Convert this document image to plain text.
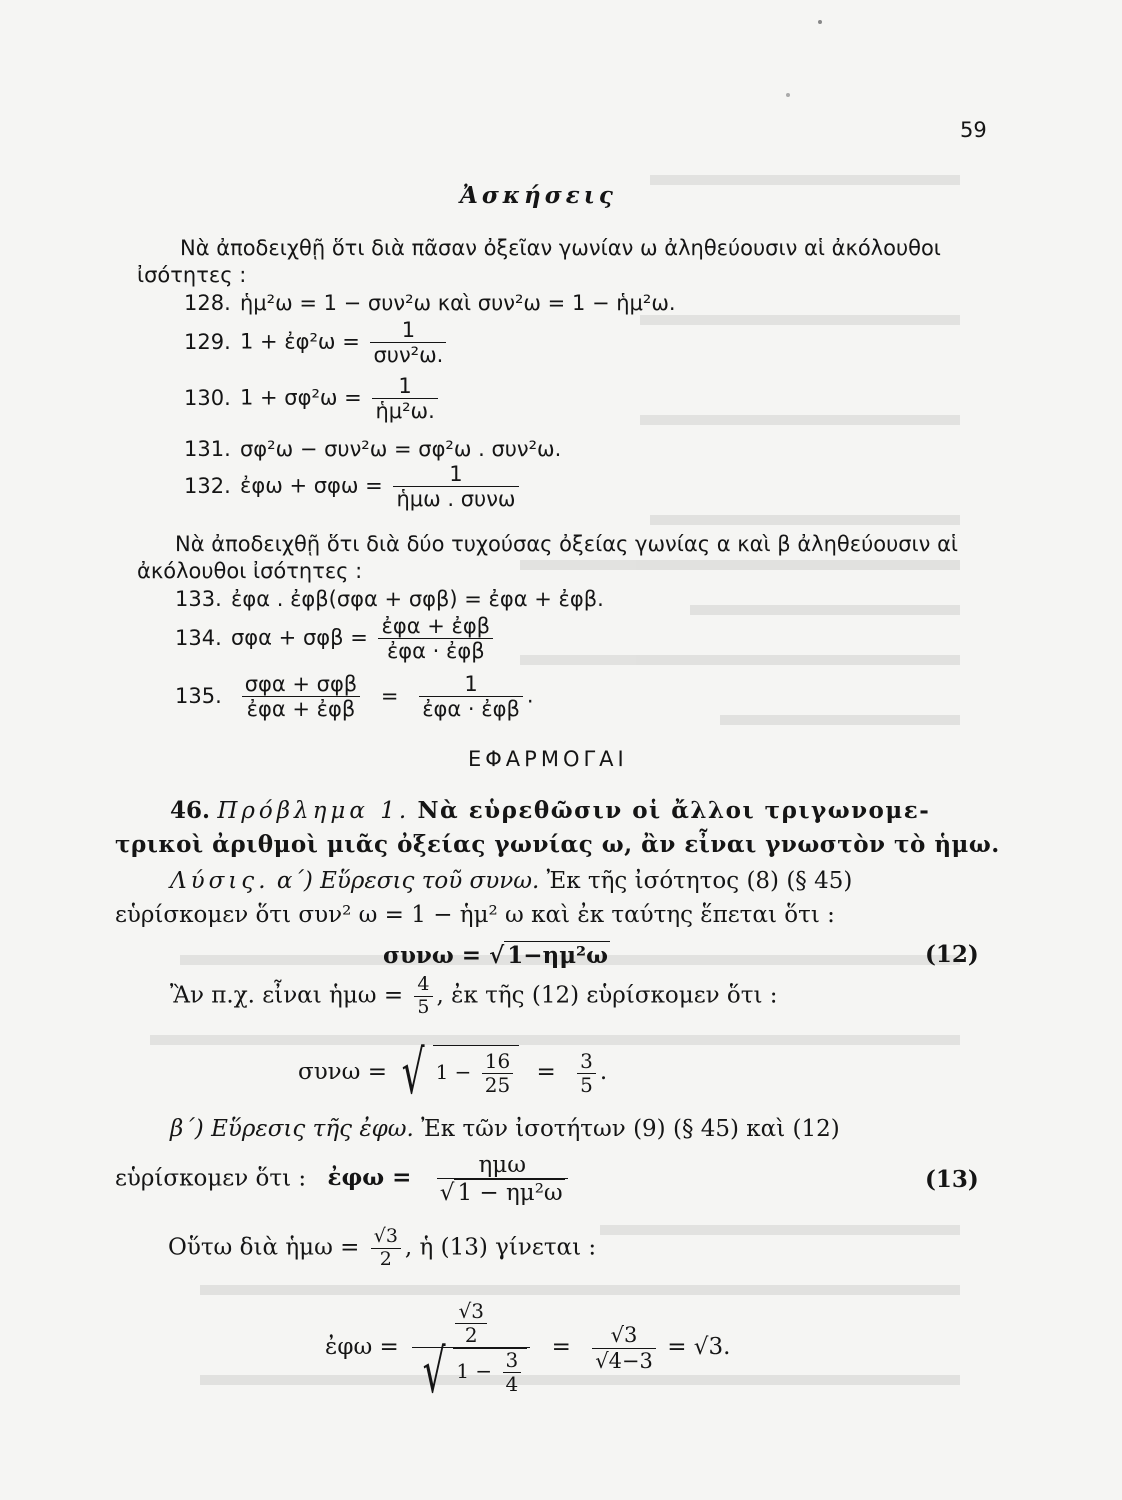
59
Ἀσκήσεις
Νὰ ἀποδειχθῇ ὅτι διὰ πᾶσαν ὀξεῖαν γωνίαν ω ἀληθεύουσιν αἱ ἀκόλουθοι
ἰσότητες :
128. ἡμ²ω = 1 − συν²ω καὶ συν²ω = 1 − ἡμ²ω.
129. 1 + ἐφ²ω = $\frac{1}{\text{συν²ω.}}$
130. $1 + \sigma\varphi^2\omega = \frac{1}{\text{ἡμ²ω.}}$
131. σφ²ω − συν²ω = σφ²ω . συν²ω.
132. ἐφω + $\sigma\varphi\omega = \frac{1}{\text{ἡμω . συνω}}$
Νὰ ἀποδειχθῇ ὅτι διὰ δύο τυχούσας ὀξείας γωνίας α καὶ β ἀληθεύουσιν αἱ
ἀκόλουθοι ἰσότητες :
133. ἐφα . ἐφβ(σφα + σφβ) = ἐφα + ἐφβ.
134. $\sigma\varphi\alpha + \sigma\varphi\beta = \frac{\text{ἐφα + ἐφβ}}{\text{ἐφα · ἐφβ}}$
135. $\frac{\text{σφα + σφβ}}{\text{ἐφα + ἐφβ}} = \frac{1}{\text{ἐφα · ἐφβ}}$ .
ΕΦΑΡΜΟΓΑΙ
46. Πρόβλημα 1. Νὰ εὑρεθῶσιν οἱ ἄλλοι τριγωνομε-
τρικοὶ ἀριθμοὶ μιᾶς ὀξείας γωνίας ω, ἂν εἶναι γνωστὸν τὸ ἡμω.
Λύσις. α΄) Εὕρεσις τοῦ συνω. Ἐκ τῆς ἰσότητος (8) (§ 45)
εὑρίσκομεν ὅτι συν² ω = 1 − ἡμ² ω καὶ ἐκ ταύτης ἕπεται ὅτι :
συνω = √ 1−ημ²ω	(12)
Ἂν π.χ. εἶναι ἡμω = $\frac{4}{5}$ , ἐκ τῆς (12) εὑρίσκομεν ὅτι :
συνω = √ $1 - \frac{16}{25} = \frac{3}{5}$ .
β΄) Εὕρεσις τῆς ἐφω. Ἐκ τῶν ἰσοτήτων (9) (§ 45) καὶ (12)
εὑρίσκομεν ὅτι : ἐφω = $\frac{\text{ημω}}{\text{√ 1 − ημ²ω}}$	(13)
Οὕτω διὰ ἡμω = $\frac{√3}{2}$ , ἡ (13) γίνεται :
ἐφω = $\frac{\frac{√3}{2}}{√ 1 - \frac{3}{4}} = \frac{√3}{√4-3} = √3$.
